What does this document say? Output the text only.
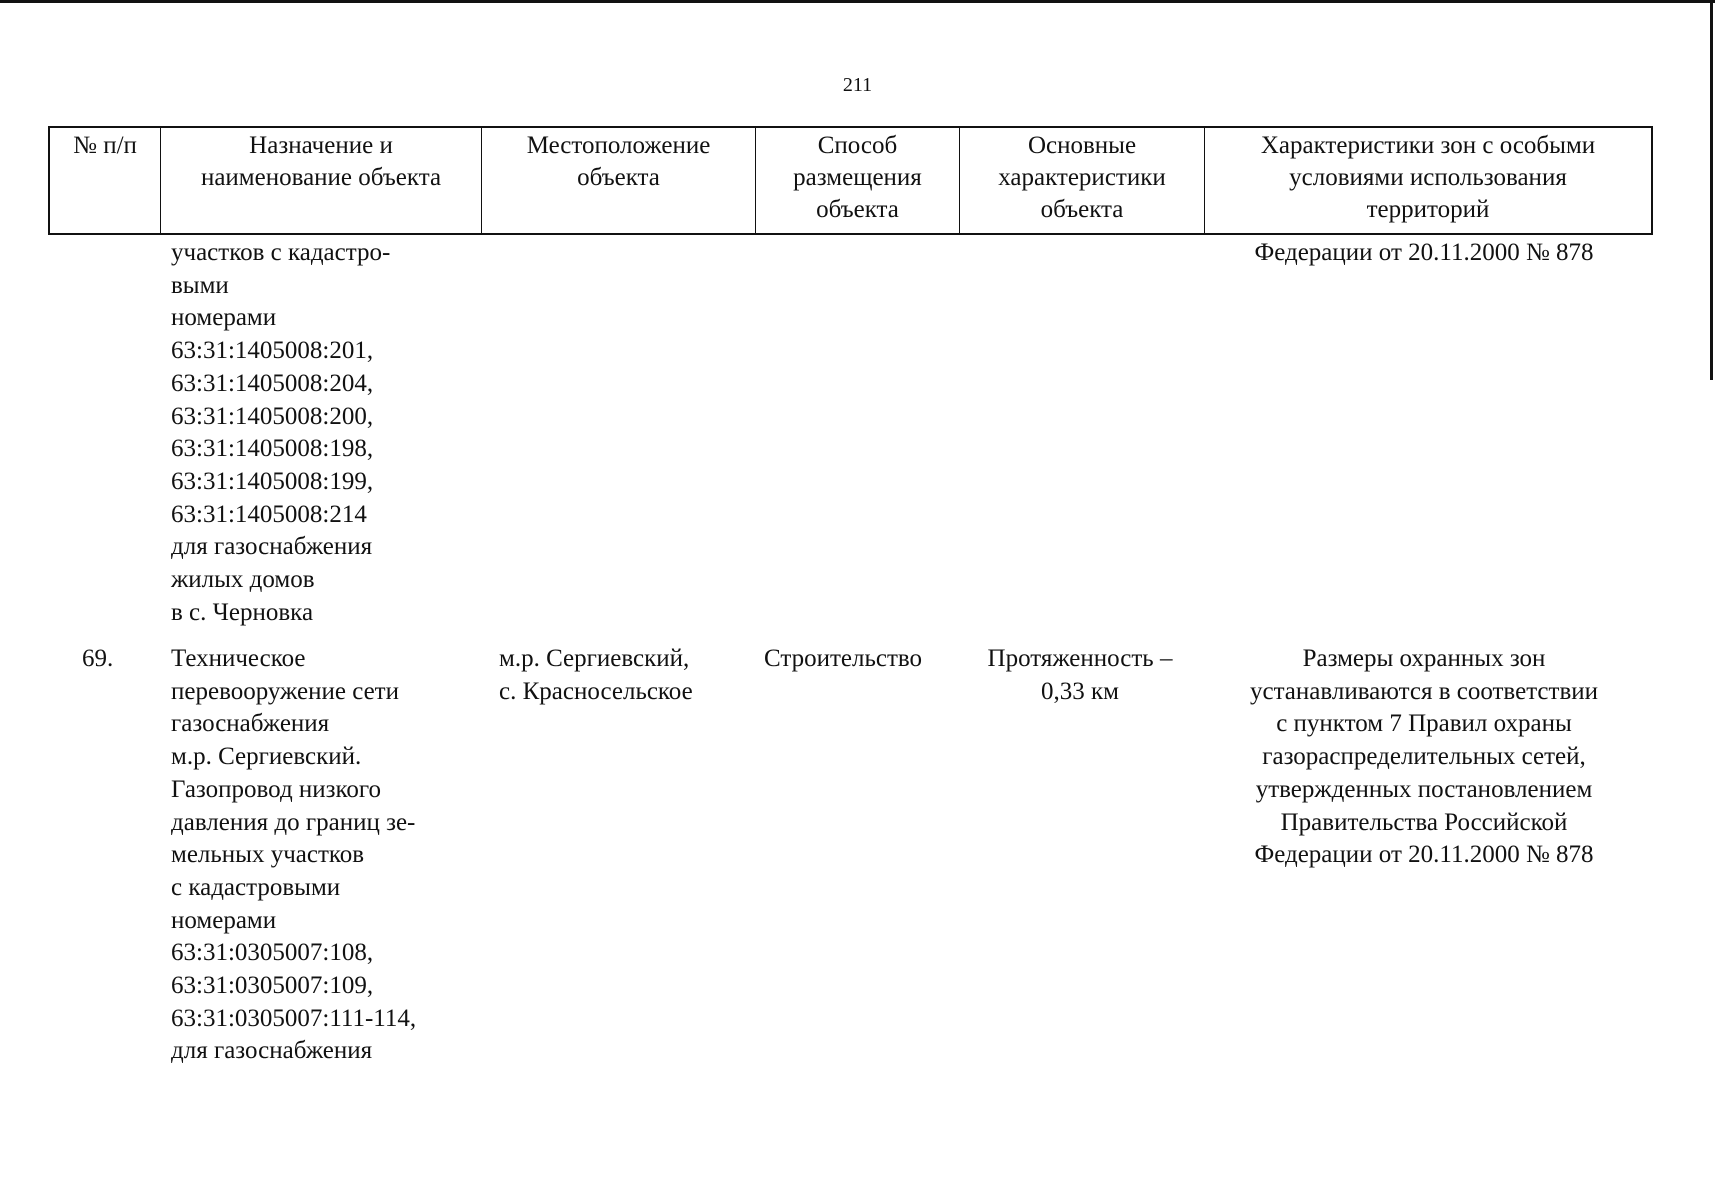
211
№ п/п	Назначение и
наименование объекта
Местоположение
объекта
Способ
размещения
объекта
Основные
характеристики
объекта
Характеристики зон с особыми
условиями использования
территорий
участков с кадастро-
выми
номерами
63:31:1405008:201,
63:31:1405008:204,
63:31:1405008:200,
63:31:1405008:198,
63:31:1405008:199,
63:31:1405008:214
для газоснабжения
жилых домов
в с. Черновка
Федерации от 20.11.2000 № 878
69. Техническое
перевооружение сети
газоснабжения
м.р. Сергиевский.
Газопровод низкого
давления до границ зе-
мельных участков
с кадастровыми
номерами
63:31:0305007:108,
63:31:0305007:109,
63:31:0305007:111-114,
для газоснабжения
м.р. Сергиевский,
с. Красносельское
Строительство	Протяженность –
0,33 км
Размеры охранных зон
устанавливаются в соответствии
с пунктом 7 Правил охраны
газораспределительных сетей,
утвержденных постановлением
Правительства Российской
Федерации от 20.11.2000 № 878
